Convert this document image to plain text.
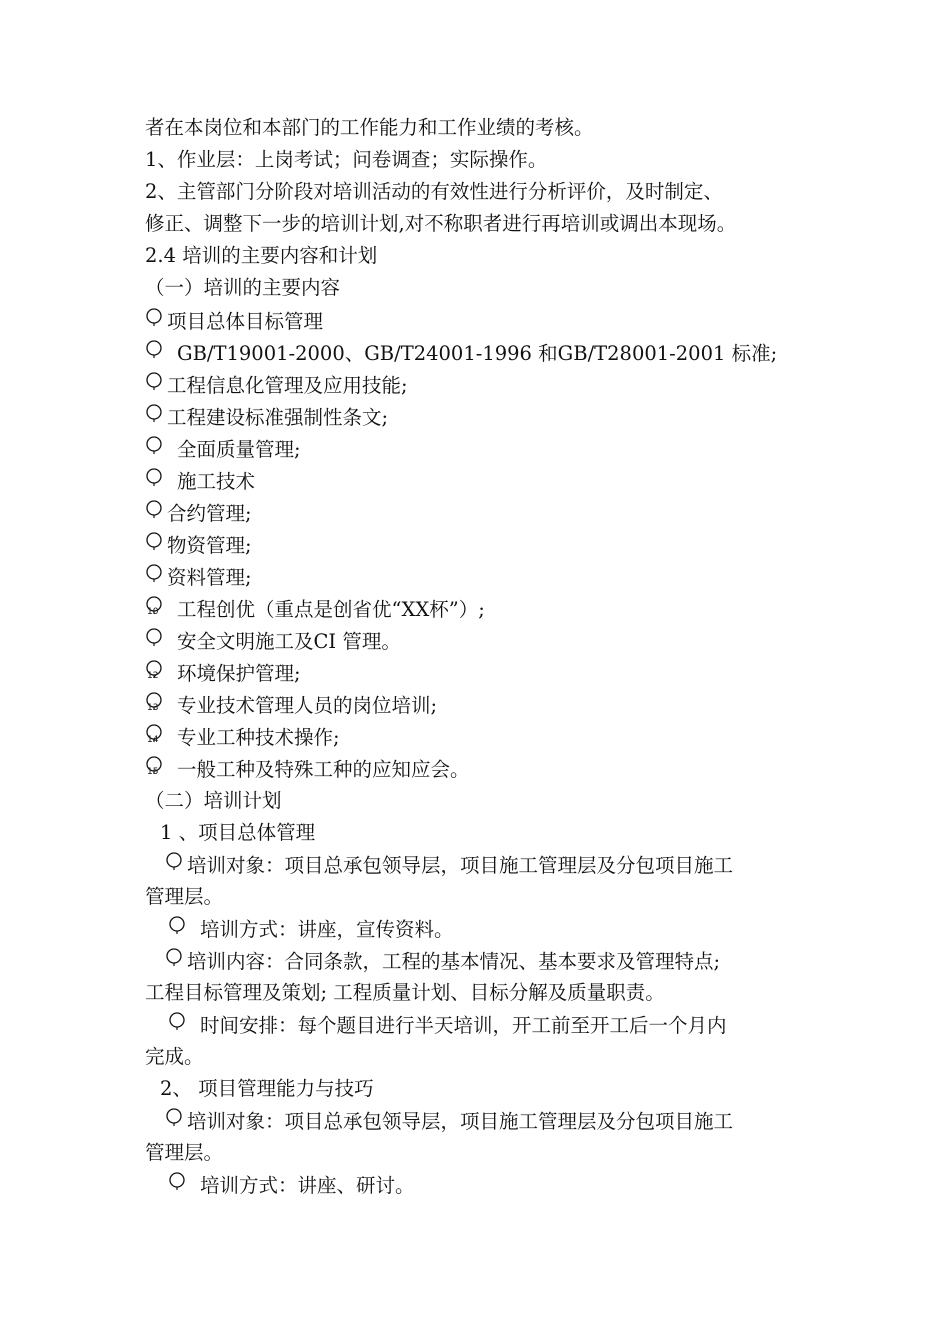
者在本岗位和本部门的工作能力和工作业绩的考核。
1、作业层：上岗考试；问卷调查；实际操作。
2、主管部门分阶段对培训活动的有效性进行分析评价，及时制定、
修正、调整下一步的培训计划,对不称职者进行再培训或调出本现场。
2.4 培训的主要内容和计划
（一）培训的主要内容
项目总体目标管理
GB/T19001-2000、GB/T24001-1996 和GB/T28001-2001 标准;
工程信息化管理及应用技能;
工程建设标准强制性条文;
全面质量管理;
施工技术
合约管理;
物资管理;
资料管理;
10 工程创优（重点是创省优“XX杯”）;
安全文明施工及CI 管理。
12 环境保护管理;
13 专业技术管理人员的岗位培训;
14 专业工种技术操作;
15 一般工种及特殊工种的应知应会。
（二）培训计划
1 、项目总体管理
培训对象：项目总承包领导层，项目施工管理层及分包项目施工
管理层。
培训方式：讲座，宣传资料。
培训内容：合同条款，工程的基本情况、基本要求及管理特点;
工程目标管理及策划; 工程质量计划、目标分解及质量职责。
时间安排：每个题目进行半天培训，开工前至开工后一个月内
完成。
2、 项目管理能力与技巧
培训对象：项目总承包领导层，项目施工管理层及分包项目施工
管理层。
培训方式：讲座、研讨。
